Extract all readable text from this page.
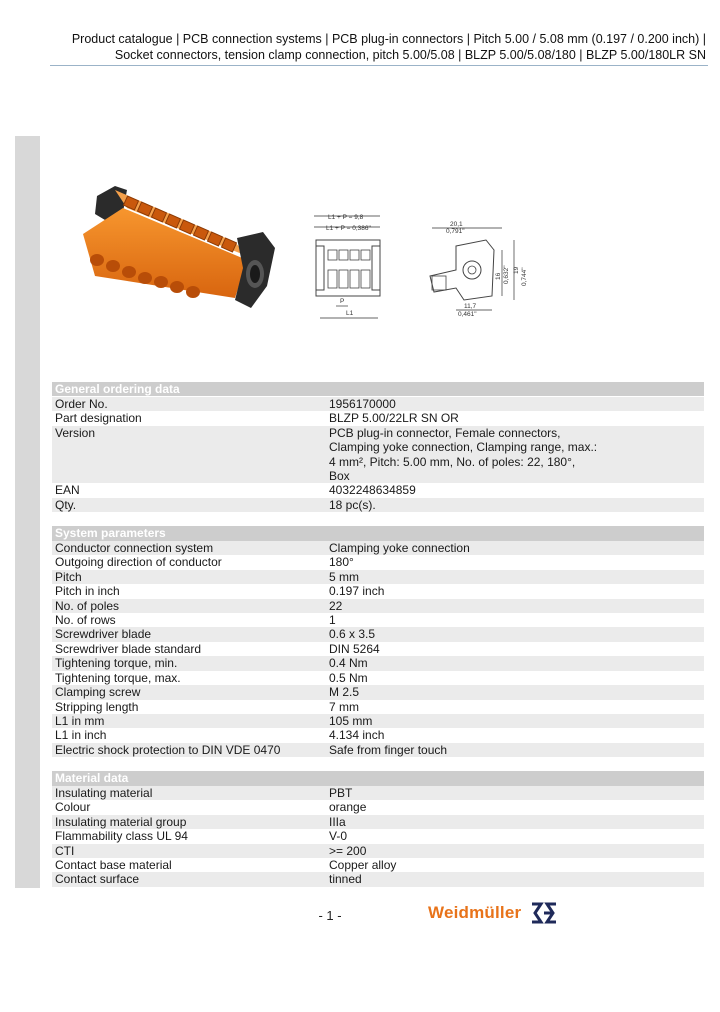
Product catalogue | PCB connection systems | PCB plug-in connectors | Pitch 5.00 / 5.08 mm (0.197 / 0.200 inch) |
Socket connectors, tension clamp connection, pitch 5.00/5.08 | BLZP 5.00/5.08/180 | BLZP 5.00/180LR SN
L1 + P = 9,8
L1 + P = 0,386"
P
L1
20,1
0,791"
16 0,632" 19 0,744"
11,7
0,461"
General ordering data
Order No.	1956170000
Part designation	BLZP 5.00/22LR SN OR
Version	PCB plug-in connector, Female connectors,
Clamping yoke connection, Clamping range, max.:
4 mm², Pitch: 5.00 mm, No. of poles: 22, 180°,
Box
EAN	4032248634859
Qty.	18 pc(s).
System parameters
Conductor connection system	Clamping yoke connection
Outgoing direction of conductor	180°
Pitch	5 mm
Pitch in inch	0.197 inch
No. of poles	22
No. of rows	1
Screwdriver blade	0.6 x 3.5
Screwdriver blade standard	DIN 5264
Tightening torque, min.	0.4 Nm
Tightening torque, max.	0.5 Nm
Clamping screw	M 2.5
Stripping length	7 mm
L1 in mm	105 mm
L1 in inch	4.134 inch
Electric shock protection to DIN VDE 0470	Safe from finger touch
Material data
Insulating material	PBT
Colour	orange
Insulating material group	IIIa
Flammability class UL 94	V-0
CTI	>= 200
Contact base material	Copper alloy
Contact surface	tinned
- 1 -	Weidmüller
